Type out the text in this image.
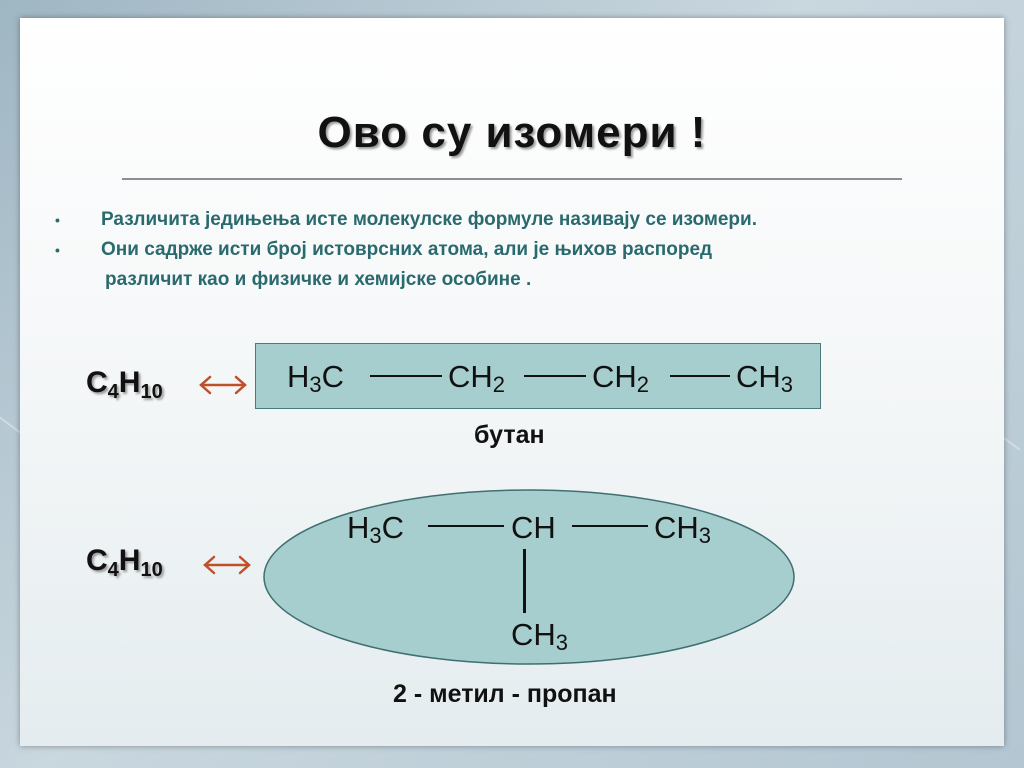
Ово су изомери !
•	Различита једињења исте молекулске формуле називају се изомери.
•	Они садрже исти број истоврсних атома, али је њихов распоред
различит као и физичке и хемијске особине .
$C_4H_{10}$	$H_3C$	$CH_2$	$CH_2$	$CH_3$
бутан
$C_4H_{10}$
$H_3C$	CH	$CH_3$
$CH_3$
2 - метил - пропан
